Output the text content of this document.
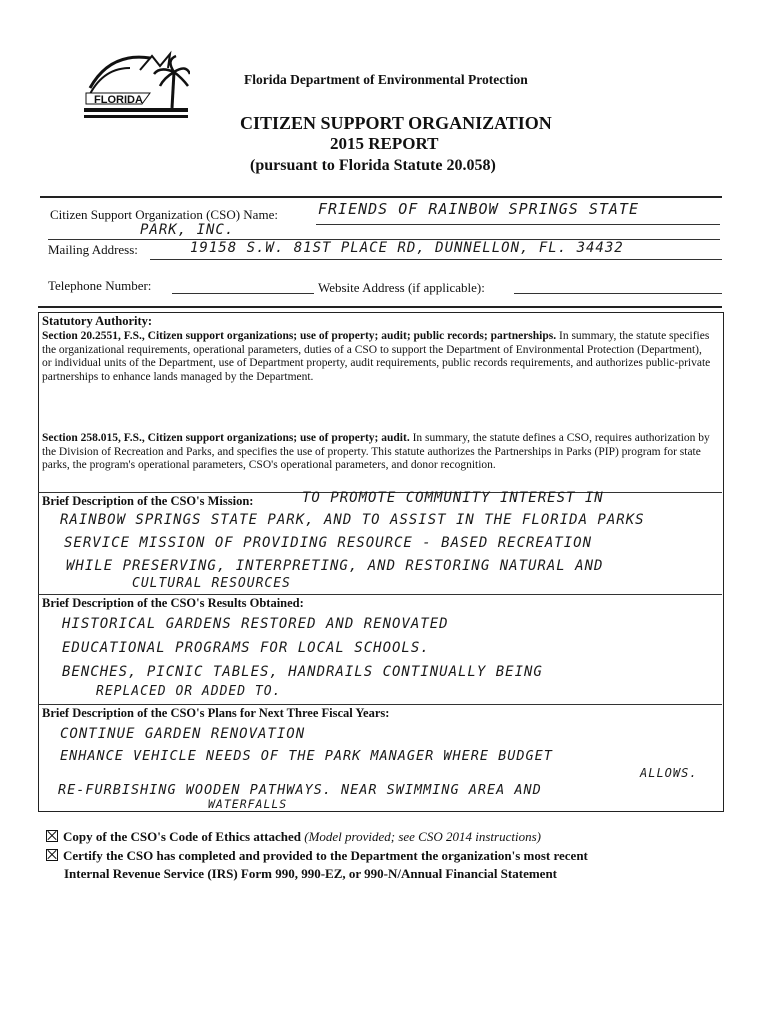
FLORIDA
Florida Department of Environmental Protection
CITIZEN SUPPORT ORGANIZATION
2015 REPORT
(pursuant to Florida Statute 20.058)
Citizen Support Organization (CSO) Name:	FRIENDS OF RAINBOW SPRINGS STATE
PARK, INC.
Mailing Address:	19158 S.W. 81ST PLACE RD, DUNNELLON, FL. 34432
Telephone Number:	Website Address (if applicable):
Statutory Authority:
Section 20.2551, F.S., Citizen support organizations; use of property; audit; public records; partnerships. In summary, the statute specifies the organizational requirements, operational parameters, duties of a CSO to support the Department of Environmental Protection (Department), or individual units of the Department, use of Department property, audit requirements, public records requirements, and authorizes public-private partnerships to enhance lands managed by the Department.
Section 258.015, F.S., Citizen support organizations; use of property; audit. In summary, the statute defines a CSO, requires authorization by the Division of Recreation and Parks, and specifies the use of property. This statute authorizes the Partnerships in Parks (PIP) program for state parks, the program's operational parameters, CSO's operational parameters, and donor recognition.
Brief Description of the CSO's Mission:	TO PROMOTE COMMUNITY INTEREST IN
RAINBOW SPRINGS STATE PARK, AND TO ASSIST IN THE FLORIDA PARKS
SERVICE MISSION OF PROVIDING RESOURCE - BASED RECREATION
WHILE PRESERVING, INTERPRETING, AND RESTORING NATURAL AND
CULTURAL RESOURCES
Brief Description of the CSO's Results Obtained:
HISTORICAL GARDENS RESTORED AND RENOVATED
EDUCATIONAL PROGRAMS FOR LOCAL SCHOOLS.
BENCHES, PICNIC TABLES, HANDRAILS CONTINUALLY BEING
REPLACED OR ADDED TO.
Brief Description of the CSO's Plans for Next Three Fiscal Years:
CONTINUE GARDEN RENOVATION
ENHANCE VEHICLE NEEDS OF THE PARK MANAGER WHERE BUDGET
ALLOWS.
RE-FURBISHING WOODEN PATHWAYS. NEAR SWIMMING AREA AND
WATERFALLS
Copy of the CSO's Code of Ethics attached (Model provided; see CSO 2014 instructions)
Certify the CSO has completed and provided to the Department the organization's most recent
Internal Revenue Service (IRS) Form 990, 990-EZ, or 990-N/Annual Financial Statement
